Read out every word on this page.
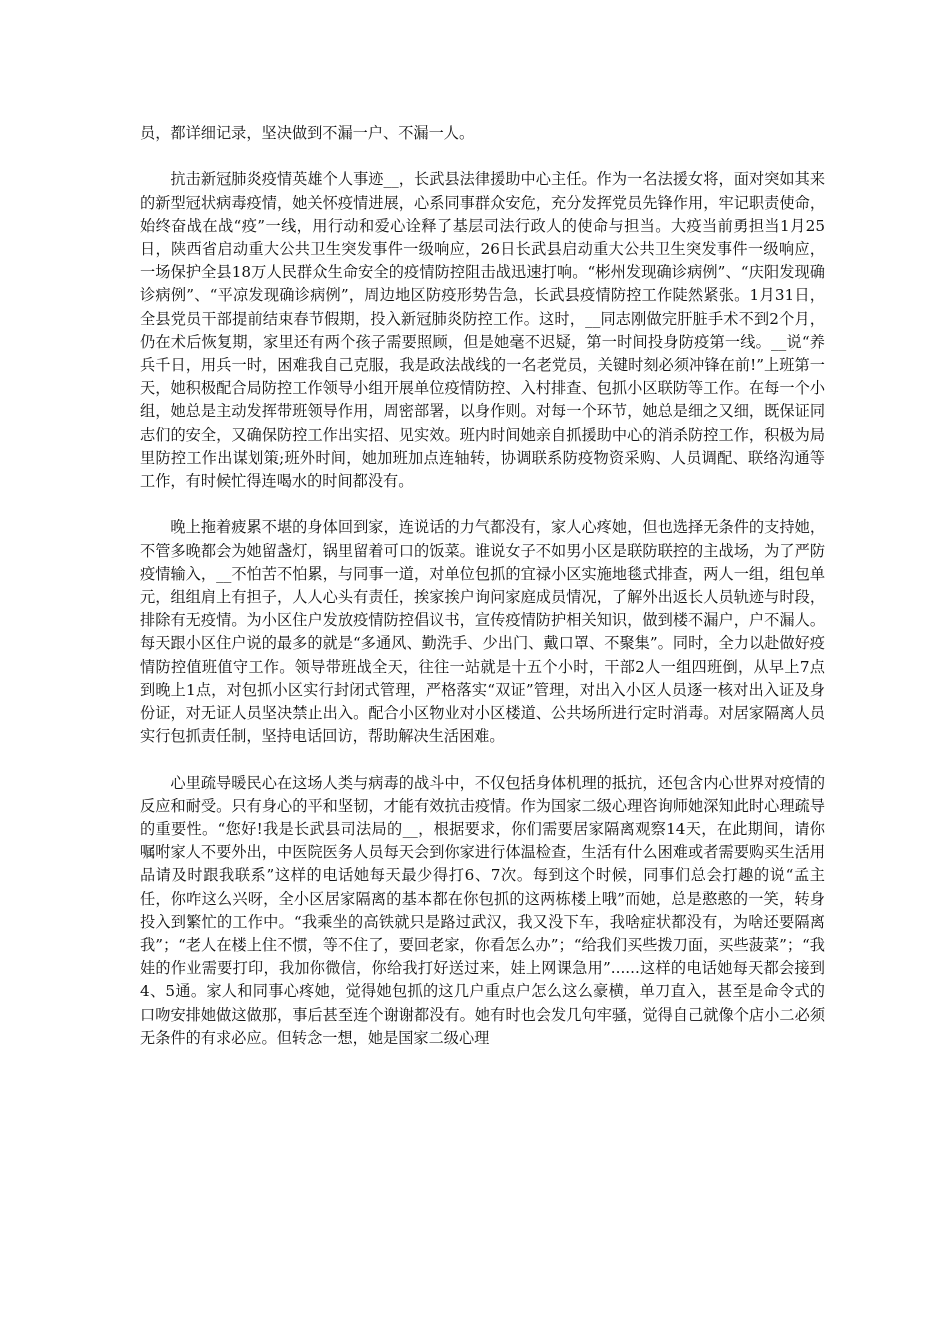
员，都详细记录，坚决做到不漏一户、不漏一人。

抗击新冠肺炎疫情英雄个人事迹__，长武县法律援助中心主任。作为一名法援女将，面对突如其来的新型冠状病毒疫情，她关怀疫情进展，心系同事群众安危，充分发挥党员先锋作用，牢记职责使命，始终奋战在战“疫”一线，用行动和爱心诠释了基层司法行政人的使命与担当。大疫当前勇担当1月25日，陕西省启动重大公共卫生突发事件一级响应，26日长武县启动重大公共卫生突发事件一级响应，一场保护全县18万人民群众生命安全的疫情防控阻击战迅速打响。“彬州发现确诊病例”、“庆阳发现确诊病例”、“平凉发现确诊病例”，周边地区防疫形势告急，长武县疫情防控工作陡然紧张。1月31日，全县党员干部提前结束春节假期，投入新冠肺炎防控工作。这时，__同志刚做完肝脏手术不到2个月，仍在术后恢复期，家里还有两个孩子需要照顾，但是她毫不迟疑，第一时间投身防疫第一线。__说“养兵千日，用兵一时，困难我自己克服，我是政法战线的一名老党员，关键时刻必须冲锋在前!”上班第一天，她积极配合局防控工作领导小组开展单位疫情防控、入村排查、包抓小区联防等工作。在每一个小组，她总是主动发挥带班领导作用，周密部署，以身作则。对每一个环节，她总是细之又细，既保证同志们的安全，又确保防控工作出实招、见实效。班内时间她亲自抓援助中心的消杀防控工作，积极为局里防控工作出谋划策;班外时间，她加班加点连轴转，协调联系防疫物资采购、人员调配、联络沟通等工作，有时候忙得连喝水的时间都没有。

晚上拖着疲累不堪的身体回到家，连说话的力气都没有，家人心疼她，但也选择无条件的支持她，不管多晚都会为她留盏灯，锅里留着可口的饭菜。谁说女子不如男小区是联防联控的主战场，为了严防疫情输入，__不怕苦不怕累，与同事一道，对单位包抓的宜禄小区实施地毯式排查，两人一组，组包单元，组组肩上有担子，人人心头有责任，挨家挨户询问家庭成员情况，了解外出返长人员轨迹与时段，排除有无疫情。为小区住户发放疫情防控倡议书，宣传疫情防护相关知识，做到楼不漏户，户不漏人。每天跟小区住户说的最多的就是“多通风、勤洗手、少出门、戴口罩、不聚集”。同时，全力以赴做好疫情防控值班值守工作。领导带班战全天，往往一站就是十五个小时，干部2人一组四班倒，从早上7点到晚上1点，对包抓小区实行封闭式管理，严格落实“双证”管理，对出入小区人员逐一核对出入证及身份证，对无证人员坚决禁止出入。配合小区物业对小区楼道、公共场所进行定时消毒。对居家隔离人员实行包抓责任制，坚持电话回访，帮助解决生活困难。

心里疏导暖民心在这场人类与病毒的战斗中，不仅包括身体机理的抵抗，还包含内心世界对疫情的反应和耐受。只有身心的平和坚韧，才能有效抗击疫情。作为国家二级心理咨询师她深知此时心理疏导的重要性。“您好!我是长武县司法局的__，根据要求，你们需要居家隔离观察14天，在此期间，请你嘱咐家人不要外出，中医院医务人员每天会到你家进行体温检查，生活有什么困难或者需要购买生活用品请及时跟我联系”这样的电话她每天最少得打6、7次。每到这个时候，同事们总会打趣的说“孟主任，你咋这么兴呀，全小区居家隔离的基本都在你包抓的这两栋楼上哦”而她，总是憨憨的一笑，转身投入到繁忙的工作中。“我乘坐的高铁就只是路过武汉，我又没下车，我啥症状都没有，为啥还要隔离我”；“老人在楼上住不惯，等不住了，要回老家，你看怎么办”；“给我们买些拨刀面，买些菠菜”；“我娃的作业需要打印，我加你微信，你给我打好送过来，娃上网课急用”......这样的电话她每天都会接到4、5通。家人和同事心疼她，觉得她包抓的这几户重点户怎么这么豪横，单刀直入，甚至是命令式的口吻安排她做这做那，事后甚至连个谢谢都没有。她有时也会发几句牢骚，觉得自己就像个店小二必须无条件的有求必应。但转念一想，她是国家二级心理
